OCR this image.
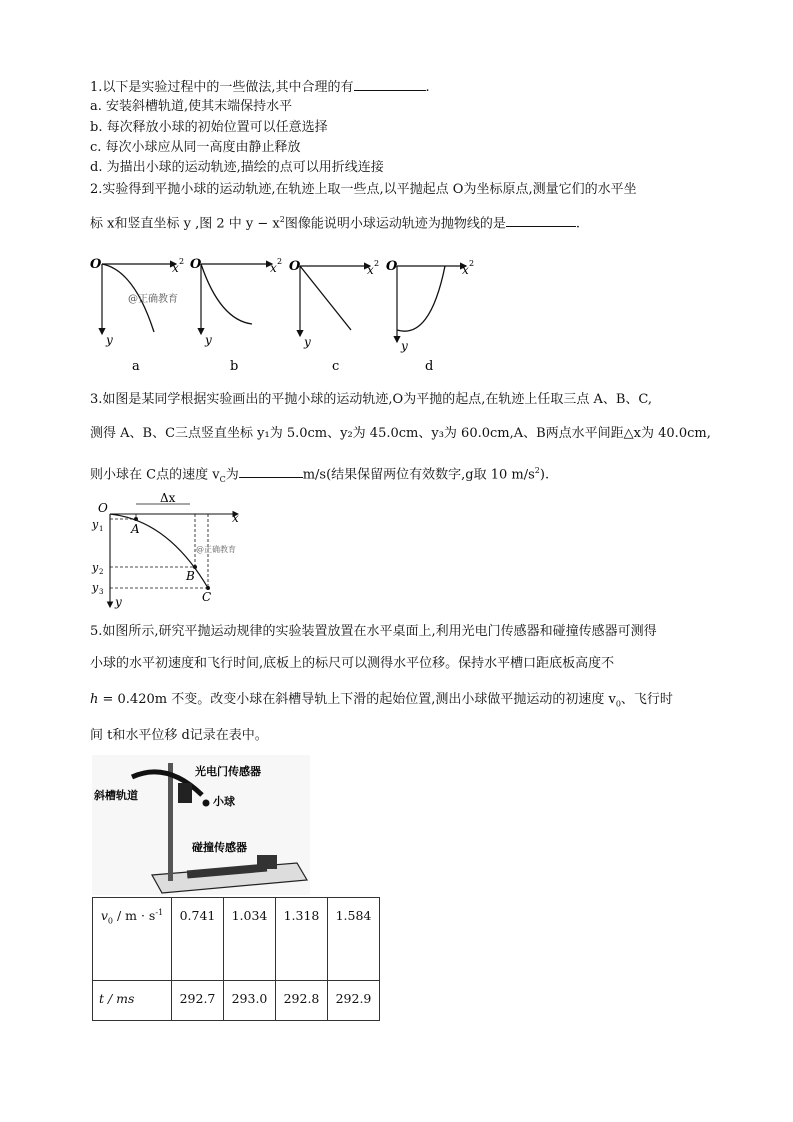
1.以下是实验过程中的一些做法,其中合理的有	.
a. 安装斜槽轨道,使其末端保持水平
b. 每次释放小球的初始位置可以任意选择
c. 每次小球应从同一高度由静止释放
d. 为描出小球的运动轨迹,描绘的点可以用折线连接
2.实验得到平抛小球的运动轨迹,在轨迹上取一些点,以平抛起点 O为坐标原点,测量它们的水平坐
标 x和竖直坐标 y ,图 2 中 $y - x^2$图像能说明小球运动轨迹为抛物线的是	.
O	x 2
y
@正确教育
a
O	x 2
y
b
O	x 2
y
c
O	x 2
y
d
3.如图是某同学根据实验画出的平抛小球的运动轨迹,O为平抛的起点,在轨迹上任取三点 A、B、C,
测得 A、B、C三点竖直坐标 y₁为 5.0cm、y₂为 45.0cm、y₃为 60.0cm,A、B两点水平间距△x为 40.0cm,
则小球在 C点的速度 $v_C$为	m/s(结果保留两位有效数字,g取 10 $m/s^2$).
O
Δx
x
y
y 1
y 2
y 3
A
B
C
@正确教育
5.如图所示,研究平抛运动规律的实验装置放置在水平桌面上,利用光电门传感器和碰撞传感器可测得
小球的水平初速度和飞行时间,底板上的标尺可以测得水平位移。保持水平槽口距底板高度不
h = 0.420m 不变。改变小球在斜槽导轨上下滑的起始位置,测出小球做平抛运动的初速度 $v_0$、飞行时
间 t和水平位移 d记录在表中。
光电门传感器
小球
斜槽轨道
碰撞传感器
$v_0 / m \cdot s^{-1}$	0.741	1.034	1.318	1.584
t / ms	292.7	293.0	292.8	292.9
